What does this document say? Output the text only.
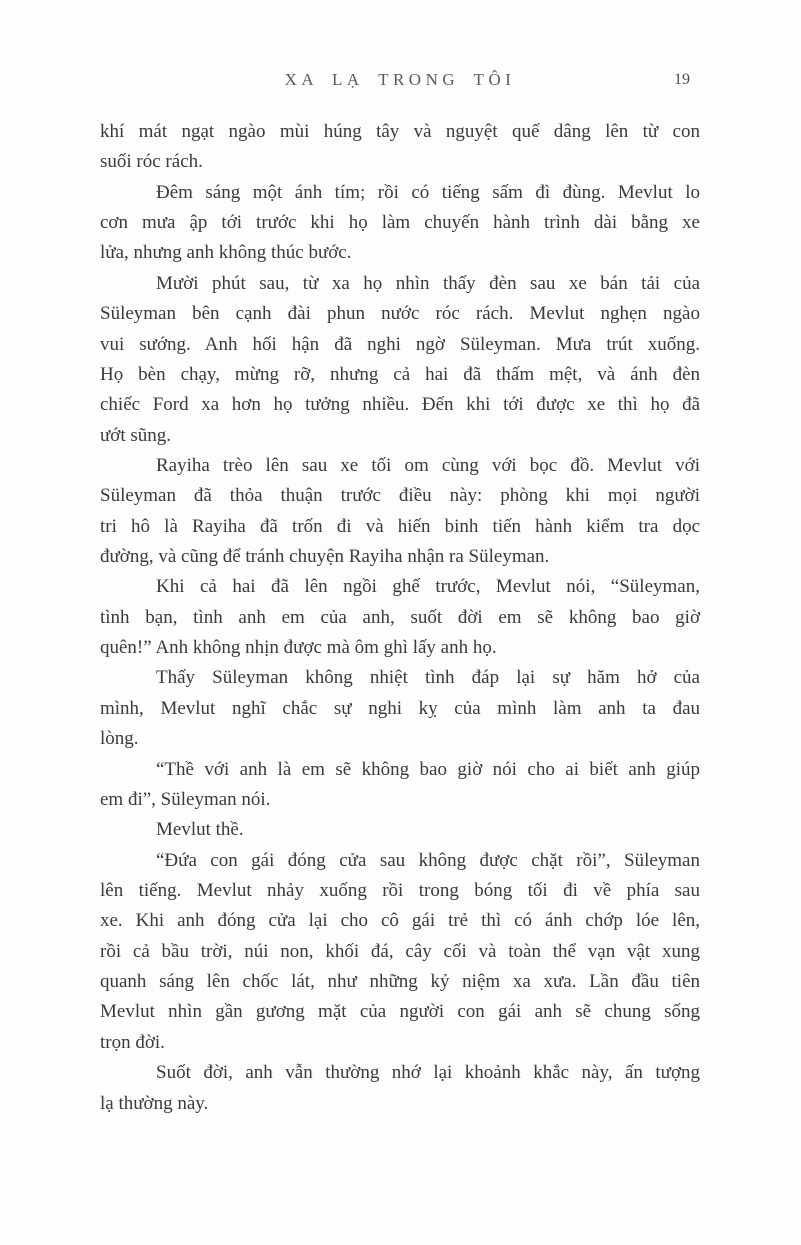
XA LẠ TRONG TÔI	19
khí mát ngạt ngào mùi húng tây và nguyệt quế dâng lên từ con
suối róc rách.
Đêm sáng một ánh tím; rồi có tiếng sấm đì đùng. Mevlut lo
cơn mưa ập tới trước khi họ làm chuyến hành trình dài bằng xe
lửa, nhưng anh không thúc bước.
Mười phút sau, từ xa họ nhìn thấy đèn sau xe bán tải của
Süleyman bên cạnh đài phun nước róc rách. Mevlut nghẹn ngào
vui sướng. Anh hối hận đã nghi ngờ Süleyman. Mưa trút xuống.
Họ bèn chạy, mừng rỡ, nhưng cả hai đã thấm mệt, và ánh đèn
chiếc Ford xa hơn họ tưởng nhiều. Đến khi tới được xe thì họ đã
ướt sũng.
Rayiha trèo lên sau xe tối om cùng với bọc đồ. Mevlut với
Süleyman đã thỏa thuận trước điều này: phòng khi mọi người
tri hô là Rayiha đã trốn đi và hiến binh tiến hành kiểm tra dọc
đường, và cũng để tránh chuyện Rayiha nhận ra Süleyman.
Khi cả hai đã lên ngồi ghế trước, Mevlut nói, “Süleyman,
tình bạn, tình anh em của anh, suốt đời em sẽ không bao giờ
quên!” Anh không nhịn được mà ôm ghì lấy anh họ.
Thấy Süleyman không nhiệt tình đáp lại sự hăm hở của
mình, Mevlut nghĩ chắc sự nghi kỵ của mình làm anh ta đau
lòng.
“Thề với anh là em sẽ không bao giờ nói cho ai biết anh giúp
em đi”, Süleyman nói.
Mevlut thề.
“Đứa con gái đóng cửa sau không được chặt rồi”, Süleyman
lên tiếng. Mevlut nhảy xuống rồi trong bóng tối đi về phía sau
xe. Khi anh đóng cửa lại cho cô gái trẻ thì có ánh chớp lóe lên,
rồi cả bầu trời, núi non, khối đá, cây cối và toàn thể vạn vật xung
quanh sáng lên chốc lát, như những kỷ niệm xa xưa. Lần đầu tiên
Mevlut nhìn gần gương mặt của người con gái anh sẽ chung sống
trọn đời.
Suốt đời, anh vẫn thường nhớ lại khoảnh khắc này, ấn tượng
lạ thường này.
